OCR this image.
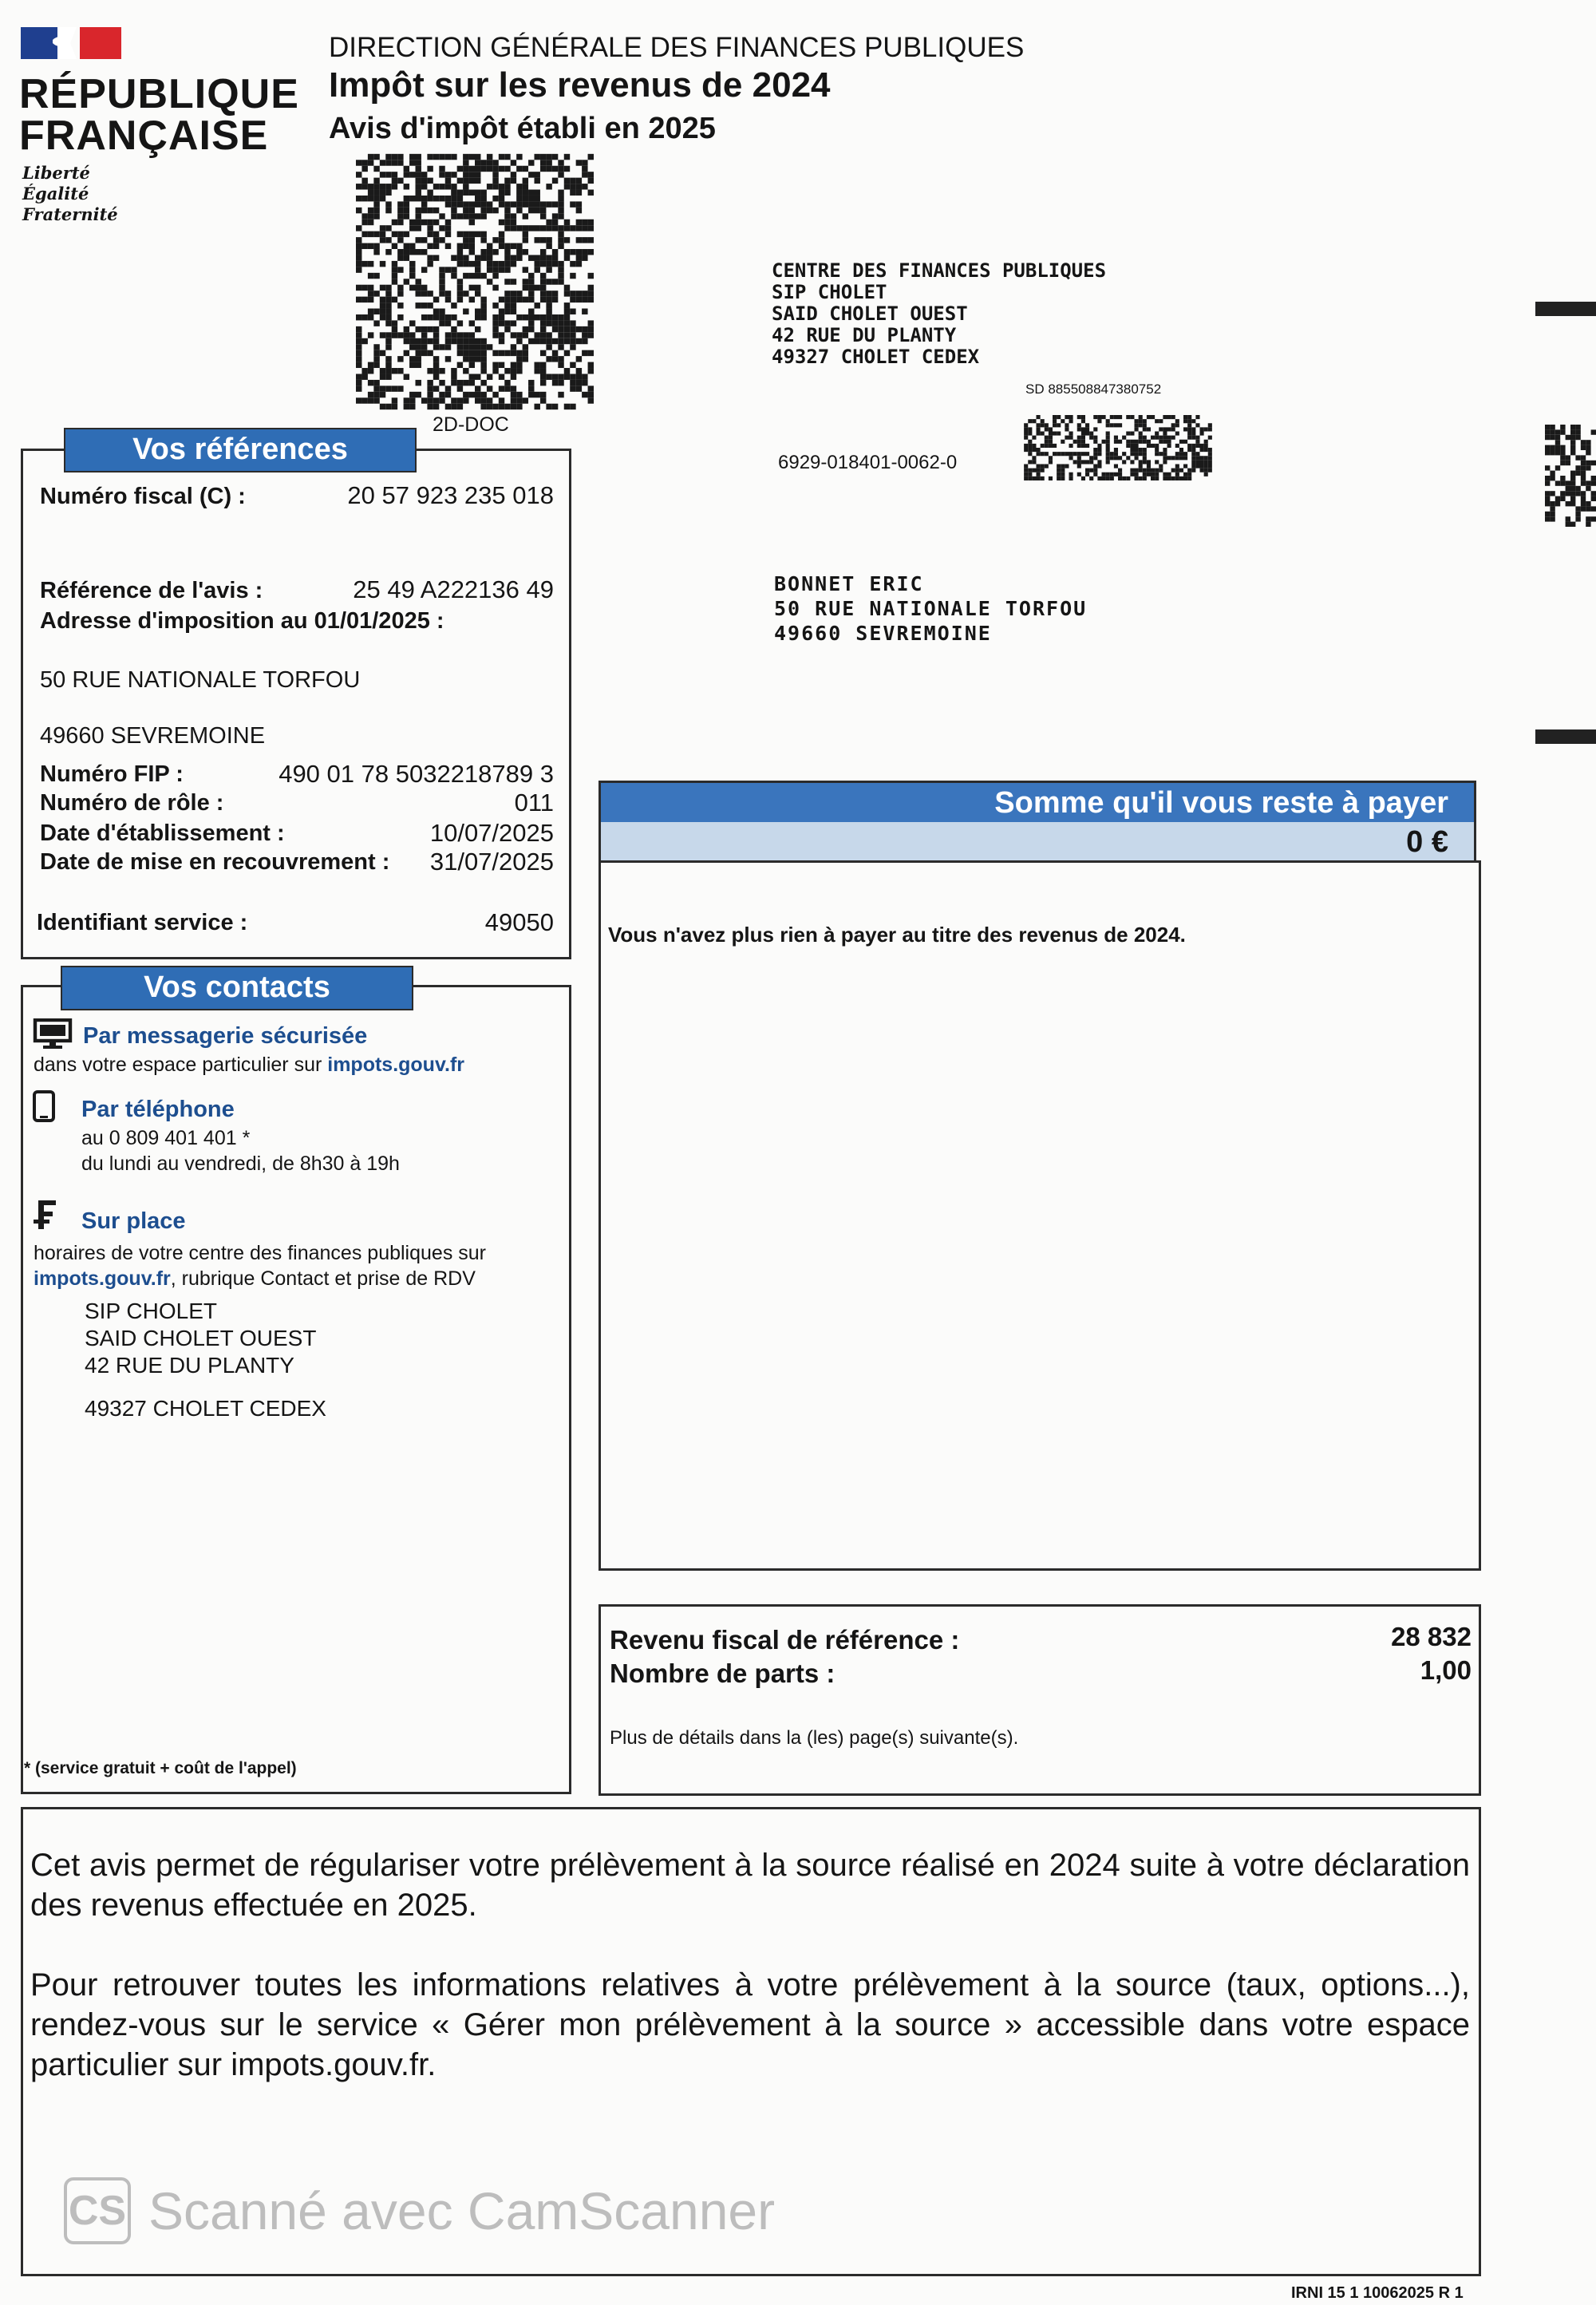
RÉPUBLIQUE
FRANÇAISE
Liberté
Égalité
Fraternité
DIRECTION GÉNÉRALE DES FINANCES PUBLIQUES
Impôt sur les revenus de 2024
Avis d'impôt établi en 2025
2D-DOC
CENTRE DES FINANCES PUBLIQUES
SIP CHOLET
SAID CHOLET OUEST
42 RUE DU PLANTY
49327 CHOLET CEDEX
SD 885508847380752
6929-018401-0062-0
BONNET ERIC
50 RUE NATIONALE TORFOU
49660 SEVREMOINE
Vos références
Numéro fiscal (C) :	20 57 923 235 018
Référence de l'avis :	25 49 A222136 49
Adresse d'imposition au 01/01/2025 :
50 RUE NATIONALE TORFOU
49660 SEVREMOINE
Numéro FIP :	490 01 78 5032218789 3
Numéro de rôle :	011
Date d'établissement :	10/07/2025
Date de mise en recouvrement :	31/07/2025
Identifiant service :	49050
Vos contacts
Par messagerie sécurisée
dans votre espace particulier sur impots.gouv.fr
Par téléphone
au 0 809 401 401 *
du lundi au vendredi, de 8h30 à 19h
Sur place
horaires de votre centre des finances publiques sur
impots.gouv.fr, rubrique Contact et prise de RDV
SIP CHOLET
SAID CHOLET OUEST
42 RUE DU PLANTY
49327 CHOLET CEDEX
* (service gratuit + coût de l'appel)
Somme qu'il vous reste à payer
0 €
Vous n'avez plus rien à payer au titre des revenus de 2024.
Revenu fiscal de référence :	28 832
Nombre de parts :	1,00
Plus de détails dans la (les) page(s) suivante(s).

Cet avis permet de régulariser votre prélèvement à la source réalisé en 2024 suite à votre déclaration des revenus effectuée en 2025.

Pour retrouver toutes les informations relatives à votre prélèvement à la source (taux, options...), rendez-vous sur le service « Gérer mon prélèvement à la source » accessible dans votre espace particulier sur impots.gouv.fr.

CS Scanné avec CamScanner
IRNI 15 1 10062025 R 1
